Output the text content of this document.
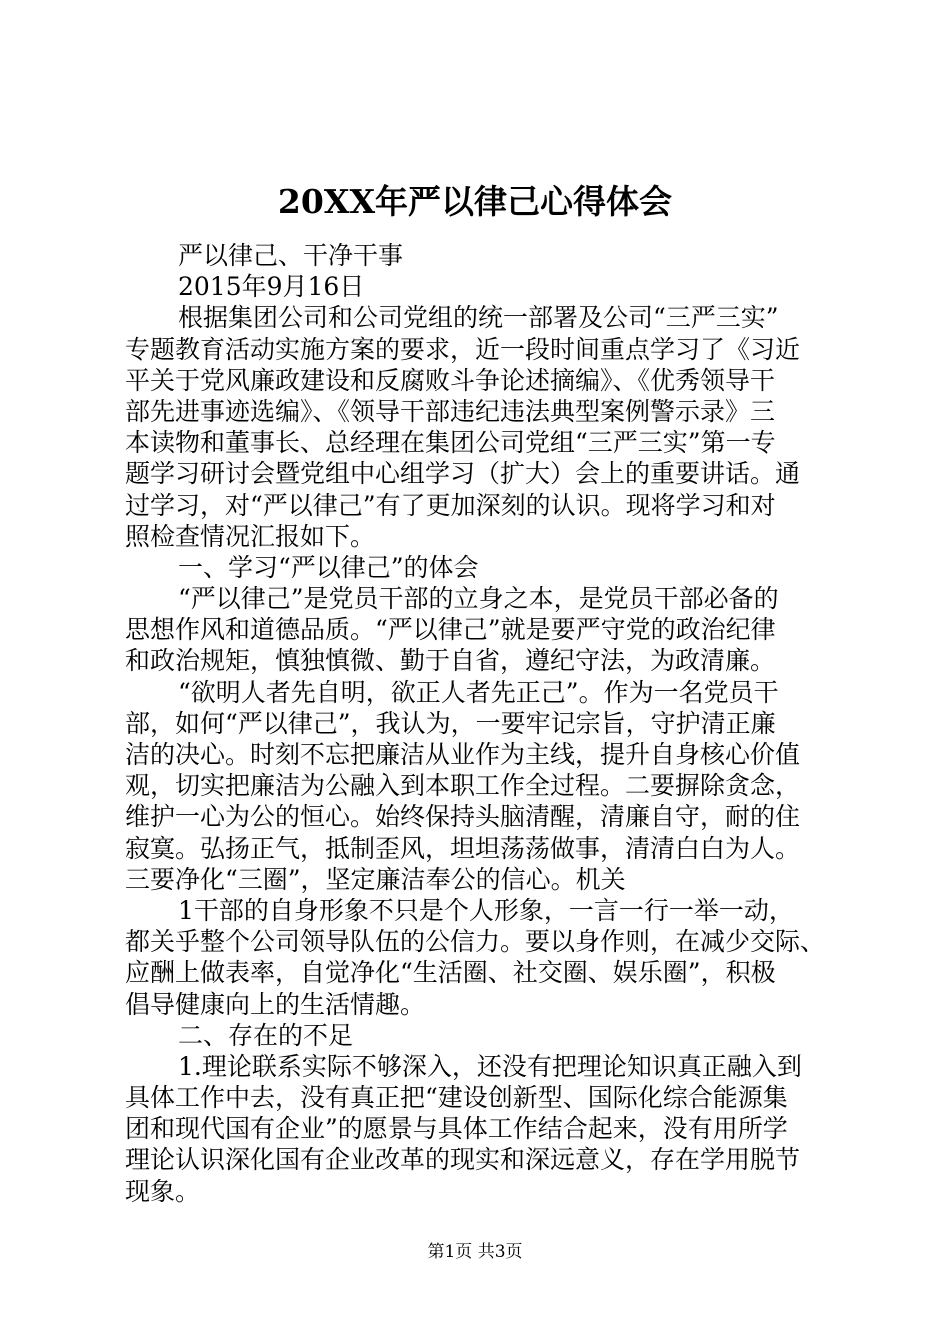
20XX年严以律己心得体会
严以律己、干净干事
2015年9月16日
根据集团公司和公司党组的统一部署及公司“三严三实”
专题教育活动实施方案的要求，近一段时间重点学习了《习近
平关于党风廉政建设和反腐败斗争论述摘编》、《优秀领导干
部先进事迹选编》、《领导干部违纪违法典型案例警示录》三
本读物和董事长、总经理在集团公司党组“三严三实”第一专
题学习研讨会暨党组中心组学习（扩大）会上的重要讲话。通
过学习，对“严以律己”有了更加深刻的认识。现将学习和对
照检查情况汇报如下。
一、学习“严以律己”的体会
“严以律己”是党员干部的立身之本，是党员干部必备的
思想作风和道德品质。“严以律己”就是要严守党的政治纪律
和政治规矩，慎独慎微、勤于自省，遵纪守法，为政清廉。
“欲明人者先自明，欲正人者先正己”。作为一名党员干
部，如何“严以律己”，我认为，一要牢记宗旨，守护清正廉
洁的决心。时刻不忘把廉洁从业作为主线，提升自身核心价值
观，切实把廉洁为公融入到本职工作全过程。二要摒除贪念，
维护一心为公的恒心。始终保持头脑清醒，清廉自守，耐的住
寂寞。弘扬正气，抵制歪风，坦坦荡荡做事，清清白白为人。
三要净化“三圈”，坚定廉洁奉公的信心。机关
1干部的自身形象不只是个人形象，一言一行一举一动，
都关乎整个公司领导队伍的公信力。要以身作则，在减少交际、
应酬上做表率，自觉净化“生活圈、社交圈、娱乐圈”，积极
倡导健康向上的生活情趣。
二、存在的不足
1.理论联系实际不够深入，还没有把理论知识真正融入到
具体工作中去，没有真正把“建设创新型、国际化综合能源集
团和现代国有企业”的愿景与具体工作结合起来，没有用所学
理论认识深化国有企业改革的现实和深远意义，存在学用脱节
现象。
第1页 共3页
